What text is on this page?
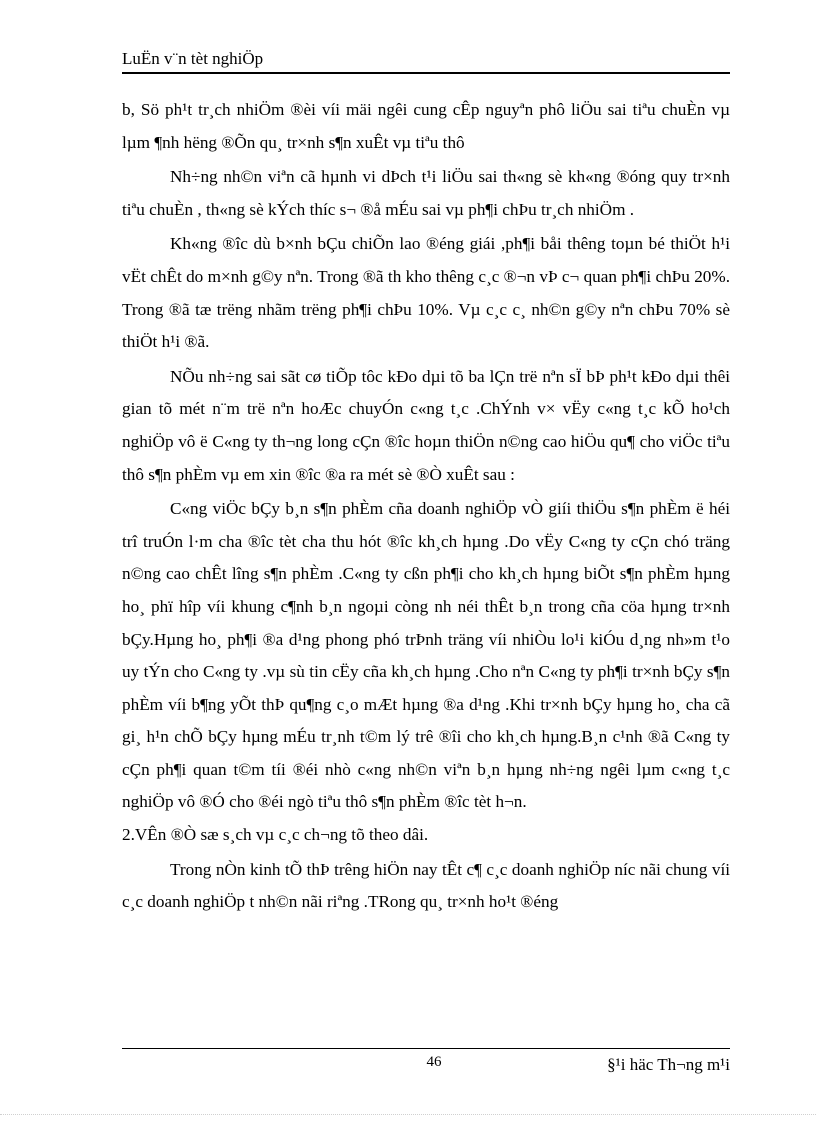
LuËn v¨n tèt nghiÖp

b, Sö ph¹t tr¸ch nhiÖm ®èi víi mäi ngêi cung cÊp nguyªn phô liÖu sai tiªu chuÈn vµ lµm ¶nh hëng ®Õn qu¸ tr×nh s¶n xuÊt vµ tiªu thô

Nh÷ng nh©n viªn cã hµnh vi dÞch t¹i liÖu sai th«ng sè kh«ng ®óng quy tr×nh tiªu chuÈn , th«ng sè kÝch thíc s¬ ®å mÉu sai vµ ph¶i chÞu tr¸ch nhiÖm .

Kh«ng ®îc dù b×nh bÇu chiÕn lao ®éng giái ,ph¶i båi thêng toµn bé thiÖt h¹i vËt chÊt do m×nh g©y nªn. Trong ®ã th kho thêng c¸c ®¬n vÞ c¬ quan ph¶i chÞu 20%. Trong ®ã tæ trëng nhãm trëng ph¶i chÞu 10%. Vµ c¸c c¸ nh©n g©y nªn chÞu 70% sè thiÖt h¹i ®ã.

NÕu nh÷ng sai sãt cø tiÕp tôc kÐo dµi tõ ba lÇn trë nªn sÏ bÞ ph¹t kÐo dµi thêi gian tõ mét n¨m trë nªn hoÆc chuyÓn c«ng t¸c .ChÝnh v× vËy c«ng t¸c kÕ ho¹ch nghiÖp vô ë C«ng ty th¬ng long cÇn ®îc hoµn thiÖn n©ng cao hiÖu qu¶ cho viÖc tiªu thô s¶n phÈm vµ em xin ®îc ®a ra mét sè ®Ò xuÊt sau :

C«ng viÖc bÇy b¸n s¶n phÈm cña doanh nghiÖp vÒ giíi thiÖu s¶n phÈm ë héi trî truÓn l·m cha ®îc tèt cha thu hót ®îc kh¸ch hµng .Do vËy C«ng ty cÇn chó träng n©ng cao chÊt lîng s¶n phÈm .C«ng ty cßn ph¶i cho kh¸ch hµng biÕt s¶n phÈm hµng ho¸ phï hîp víi khung c¶nh b¸n ngoµi còng nh néi thÊt b¸n trong cña cöa hµng tr×nh bÇy.Hµng ho¸ ph¶i ®a d¹ng phong phó trÞnh träng víi nhiÒu lo¹i kiÓu d¸ng nh»m t¹o uy tÝn cho C«ng ty .vµ sù tin cËy cña kh¸ch hµng .Cho nªn C«ng ty ph¶i tr×nh bÇy s¶n phÈm víi b¶ng yÕt thÞ qu¶ng c¸o mÆt hµng ®a d¹ng .Khi tr×nh bÇy hµng ho¸ cha cã gi¸ h¹n chÕ bÇy hµng mÉu tr¸nh t©m lý trê ®îi cho kh¸ch hµng.B¸n c¹nh ®ã C«ng ty cÇn ph¶i quan t©m tíi ®éi nhò c«ng nh©n viªn b¸n hµng nh÷ng ngêi lµm c«ng t¸c nghiÖp vô ®Ó cho ®éi ngò tiªu thô s¶n phÈm ®îc tèt h¬n.

2.VÊn ®Ò sæ s¸ch vµ c¸c ch¬ng tõ theo dâi.

Trong nÒn kinh tÕ thÞ trêng hiÖn nay tÊt c¶ c¸c doanh nghiÖp níc nãi chung víi c¸c doanh nghiÖp t nh©n nãi riªng .TRong qu¸ tr×nh ho¹t ®éng

46	§¹i häc Th¬ng m¹i
